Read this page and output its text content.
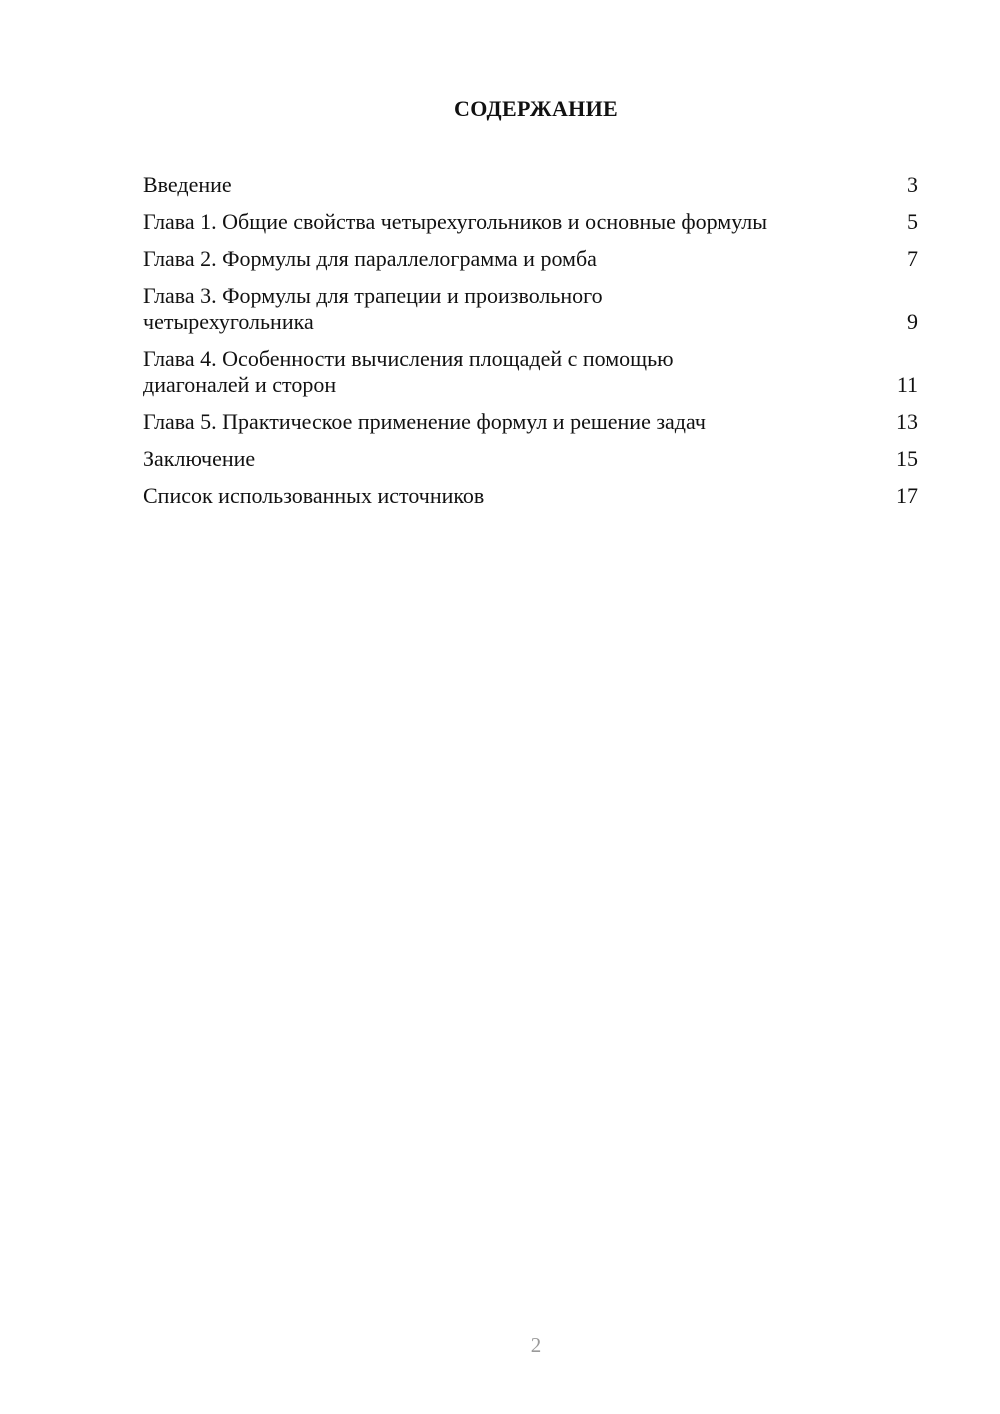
СОДЕРЖАНИЕ
Введение	3
Глава 1. Общие свойства четырехугольников и основные формулы	5
Глава 2. Формулы для параллелограмма и ромба	7
Глава 3. Формулы для трапеции и произвольного четырехугольника	9
Глава 4. Особенности вычисления площадей с помощью диагоналей и сторон	11
Глава 5. Практическое применение формул и решение задач	13
Заключение	15
Список использованных источников	17
2
